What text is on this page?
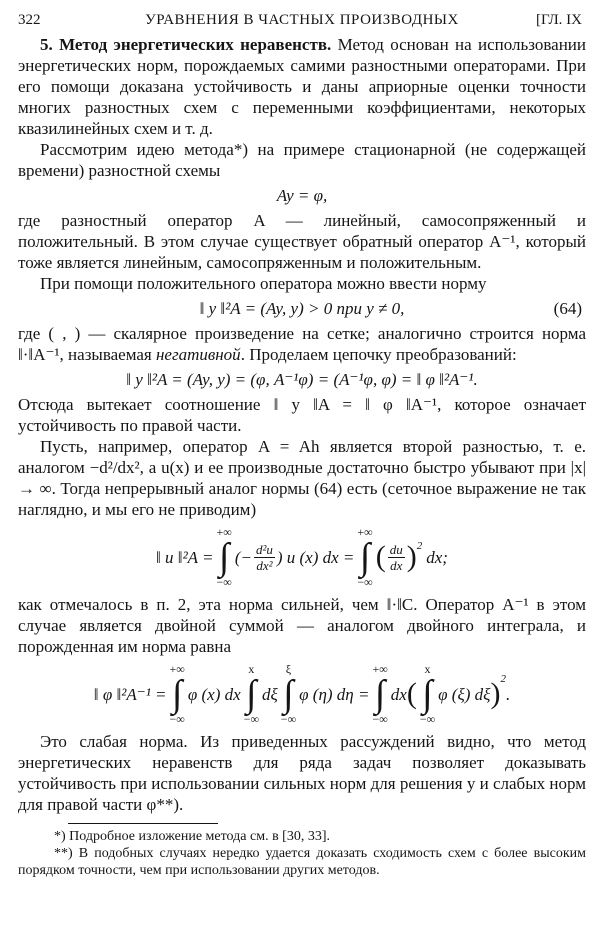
322	УРАВНЕНИЯ В ЧАСТНЫХ ПРОИЗВОДНЫХ	[ГЛ. IX

5. Метод энергетических неравенств. Метод основан на использовании энергетических норм, порождаемых самими разностными операторами. При его помощи доказана устойчивость и даны априорные оценки точности многих разностных схем с переменными коэффициентами, некоторых квазилинейных схем и т. д.

Рассмотрим идею метода*) на примере стационарной (не содержащей времени) разностной схемы

Ay = φ,

где разностный оператор A — линейный, самосопряженный и положительный. В этом случае существует обратный оператор A⁻¹, который тоже является линейным, самосопряженным и положительным.

При помощи положительного оператора можно ввести норму

‖ y ‖²A = (Ay, y) > 0 при y ≠ 0,	(64)

где ( , ) — скалярное произведение на сетке; аналогично строится норма ‖·‖A⁻¹, называемая негативной. Проделаем цепочку преобразований:

‖ y ‖²A = (Ay, y) = (φ, A⁻¹φ) = (A⁻¹φ, φ) = ‖ φ ‖²A⁻¹.

Отсюда вытекает соотношение ‖ y ‖A = ‖ φ ‖A⁻¹, которое означает устойчивость по правой части.

Пусть, например, оператор A = Ah является второй разностью, т. е. аналогом −d²/dx², а u(x) и ее производные достаточно быстро убывают при |x| → ∞. Тогда непрерывный аналог нормы (64) есть (сеточное выражение не так наглядно, и мы его не приводим)

‖ u ‖²A =
+∞
∫
−∞
(− $\frac{\text{d²u}}{\text{dx²}}$ ) u (x) dx =
+∞
∫
−∞
( $\frac{du}{dx} )^2$
dx;

как отмечалось в п. 2, эта норма сильней, чем ‖·‖C. Оператор A⁻¹ в этом случае является двойной суммой — аналогом двойного интеграла, и порожденная им норма равна

‖ φ ‖²A⁻¹ =
+∞
∫
−∞
φ (x) dx
x
∫
−∞
dξ
ξ
∫
−∞
φ (η) dη =
+∞
∫
−∞
dx (
x
∫
−∞
φ (ξ) dξ )$^2$
.

Это слабая норма. Из приведенных рассуждений видно, что метод энергетических неравенств для ряда задач позволяет доказывать устойчивость при использовании сильных норм для решения y и слабых норм для правой части φ**).

*) Подробное изложение метода см. в [30, 33].

**) В подобных случаях нередко удается доказать сходимость схем с более высоким порядком точности, чем при использовании других методов.
